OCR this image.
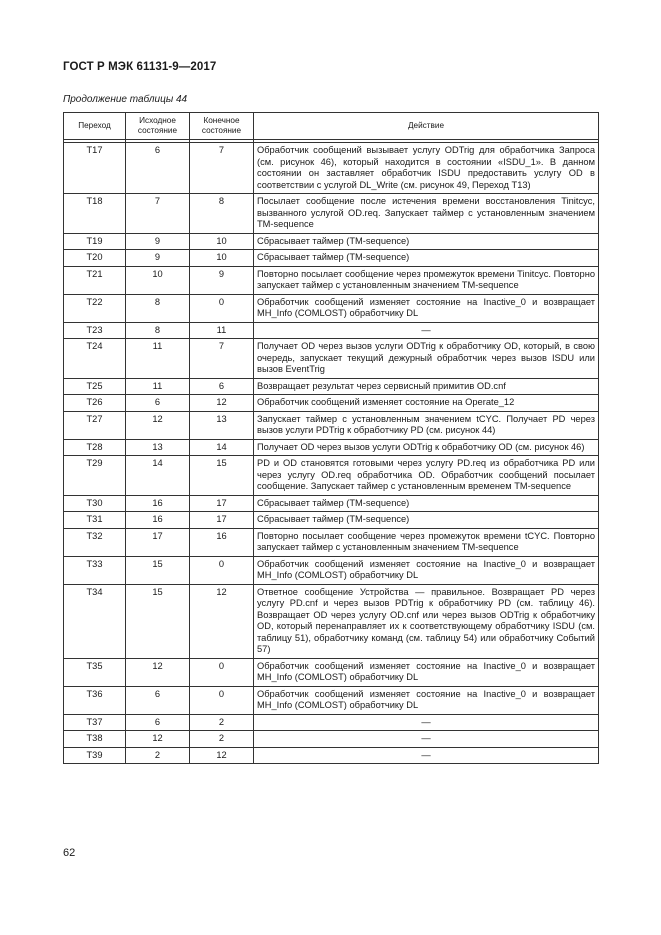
ГОСТ Р МЭК 61131-9—2017
Продолжение таблицы 44
Переход	Исходное состояние	Конечное состояние	Действие

T17	6	7	Обработчик сообщений вызывает услугу ODTrig для обработчика Запроса (см. рисунок 46), который находится в состоянии «ISDU_1». В данном состоянии он заставляет обработчик ISDU предоставить услугу OD в соответствии с услугой DL_Write (см. рисунок 49, Переход T13)
T18	7	8	Посылает сообщение после истечения времени восстановления Tinitcyc, вызванного услугой OD.req. Запускает таймер с установленным значением TM-sequence
T19	9	10	Сбрасывает таймер (TM-sequence)
T20	9	10	Сбрасывает таймер (TM-sequence)
T21	10	9	Повторно посылает сообщение через промежуток времени Tinitcyc. Повторно запускает таймер с установленным значением TM-sequence
T22	8	0	Обработчик сообщений изменяет состояние на Inactive_0 и возвращает MH_Info (COMLOST) обработчику DL
T23	8	11	—
T24	11	7	Получает OD через вызов услуги ODTrig к обработчику OD, который, в свою очередь, запускает текущий дежурный обработчик через вызов ISDU или вызов EventTrig
T25	11	6	Возвращает результат через сервисный примитив OD.cnf
T26	6	12	Обработчик сообщений изменяет состояние на Operate_12
T27	12	13	Запускает таймер с установленным значением tCYC. Получает PD через вызов услуги PDTrig к обработчику PD (см. рисунок 44)
T28	13	14	Получает OD через вызов услуги ODTrig к обработчику OD (см. рисунок 46)
T29	14	15	PD и OD становятся готовыми через услугу PD.req из обработчика PD или через услугу OD.req обработчика OD. Обработчик сообщений посылает сообщение. Запускает таймер с установленным временем TM-sequence
T30	16	17	Сбрасывает таймер (TM-sequence)
T31	16	17	Сбрасывает таймер (TM-sequence)
T32	17	16	Повторно посылает сообщение через промежуток времени tCYC. Повторно запускает таймер с установленным значением TM-sequence
T33	15	0	Обработчик сообщений изменяет состояние на Inactive_0 и возвращает MH_Info (COMLOST) обработчику DL
T34	15	12	Ответное сообщение Устройства — правильное. Возвращает PD через услугу PD.cnf и через вызов PDTrig к обработчику PD (см. таблицу 46). Возвращает OD через услугу OD.cnf или через вызов ODTrig к обработчику OD, который перенаправляет их к соответствующему обработчику ISDU (см. таблицу 51), обработчику команд (см. таблицу 54) или обработчику Событий 57)
T35	12	0	Обработчик сообщений изменяет состояние на Inactive_0 и возвращает MH_Info (COMLOST) обработчику DL
T36	6	0	Обработчик сообщений изменяет состояние на Inactive_0 и возвращает MH_Info (COMLOST) обработчику DL
T37	6	2	—
T38	12	2	—
T39	2	12	—
62
